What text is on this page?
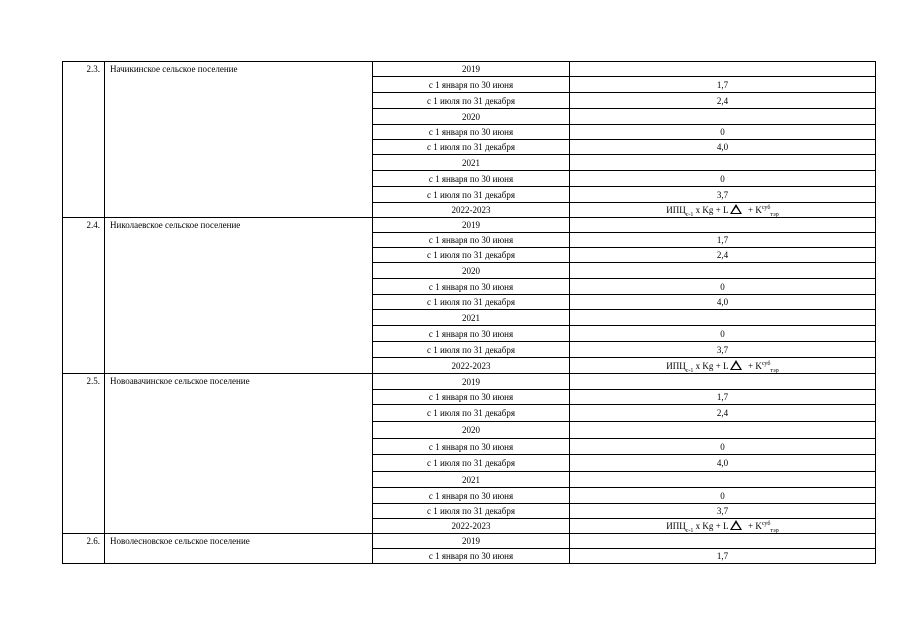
2.3.	Начикинское сельское поселение	2019	
		с 1 января по 30 июня	1,7
		с 1 июля по 31 декабря	2,4
		2020	
		с 1 января по 30 июня	0
		с 1 июля по 31 декабря	4,0
		2021	
		с 1 января по 30 июня	0
		с 1 июля по 31 декабря	3,7
		2022-2023	$ИПЦ_{с-1}$ х $Kg + L + K^{суб}_{тэр}$
2.4.	Николаевское сельское поселение	2019	
		с 1 января по 30 июня	1,7
		с 1 июля по 31 декабря	2,4
		2020	
		с 1 января по 30 июня	0
		с 1 июля по 31 декабря	4,0
		2021	
		с 1 января по 30 июня	0
		с 1 июля по 31 декабря	3,7
		2022-2023	$ИПЦ_{с-1}$ х $Kg + L + K^{суб}_{тэр}$
2.5.	Новоавачинское сельское поселение	2019	
		с 1 января по 30 июня	1,7
		с 1 июля по 31 декабря	2,4
		2020	
		с 1 января по 30 июня	0
		с 1 июля по 31 декабря	4,0
		2021	
		с 1 января по 30 июня	0
		с 1 июля по 31 декабря	3,7
		2022-2023	$ИПЦ_{с-1}$ х $Kg + L + K^{суб}_{тэр}$
2.6.	Новолесновское сельское поселение	2019	
		с 1 января по 30 июня	1,7
